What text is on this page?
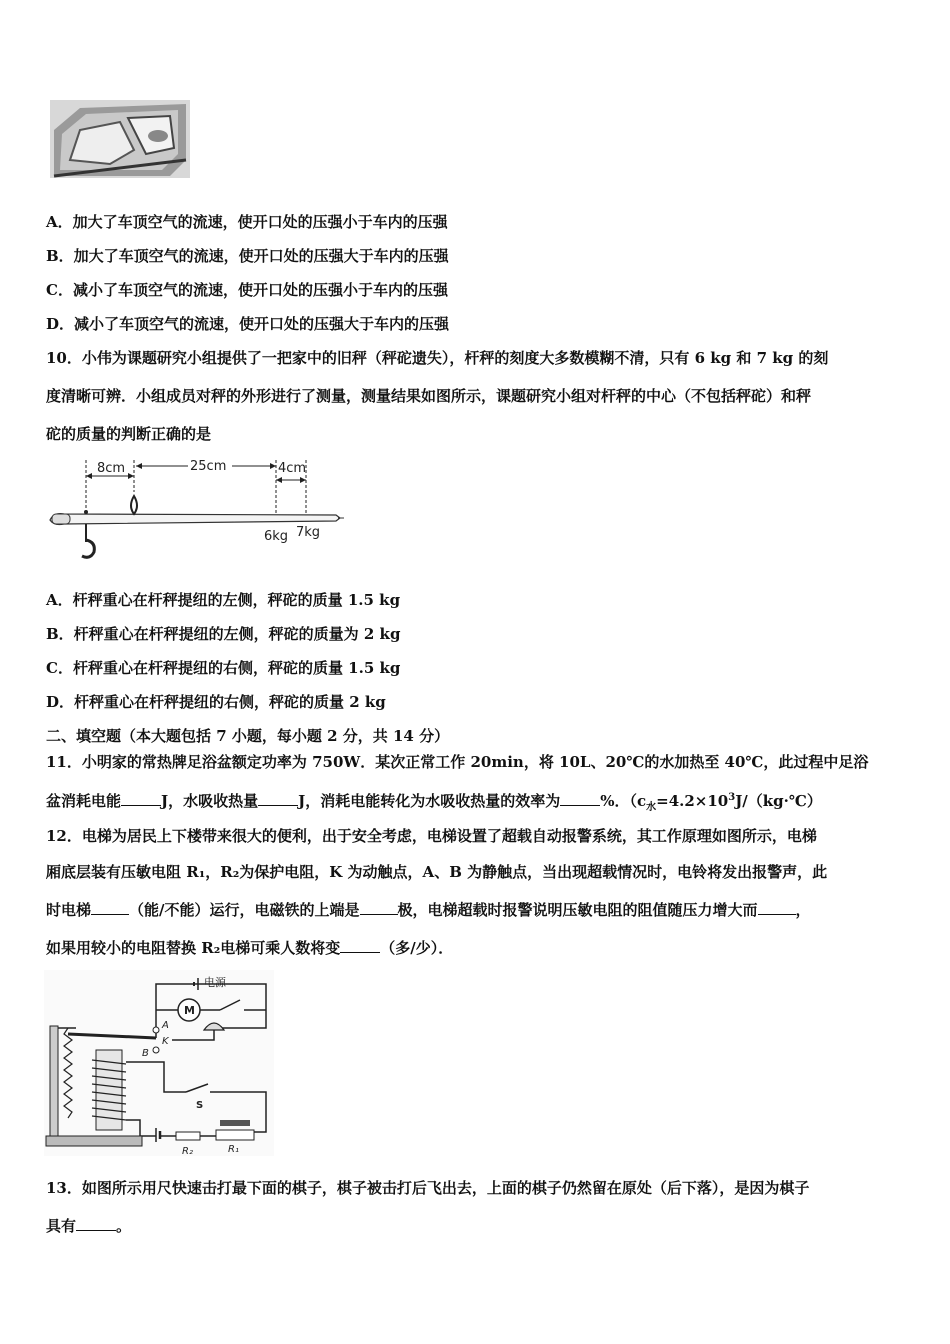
A．加大了车顶空气的流速，使开口处的压强小于车内的压强
B．加大了车顶空气的流速，使开口处的压强大于车内的压强
C．减小了车顶空气的流速，使开口处的压强小于车内的压强
D．减小了车顶空气的流速，使开口处的压强大于车内的压强
10．小伟为课题研究小组提供了一把家中的旧秤（秤砣遗失），杆秤的刻度大多数模糊不清，只有 6 kg 和 7 kg 的刻
度清晰可辨．小组成员对秤的外形进行了测量，测量结果如图所示，课题研究小组对杆秤的中心（不包括秤砣）和秤
砣的质量的判断正确的是
8cm	25cm	4cm
6kg 7kg
A．杆秤重心在杆秤提纽的左侧，秤砣的质量 1.5 kg
B．杆秤重心在杆秤提纽的左侧，秤砣的质量为 2 kg
C．杆秤重心在杆秤提纽的右侧，秤砣的质量 1.5 kg
D．杆秤重心在杆秤提纽的右侧，秤砣的质量 2 kg
二、填空题（本大题包括 7 小题，每小题 2 分，共 14 分）
11．小明家的常热牌足浴盆额定功率为 750W．某次正常工作 20min，将 10L、20℃的水加热至 40℃，此过程中足浴
盆消耗电能	J，水吸收热量	J，消耗电能转化为水吸收热量的效率为	%．（$c_水=4.2\times 10^3J/(kg\cdot℃)$
12．电梯为居民上下楼带来很大的便利，出于安全考虑，电梯设置了超载自动报警系统，其工作原理如图所示，电梯
厢底层装有压敏电阻 R₁，R₂为保护电阻，K 为动触点，A、B 为静触点，当出现超载情况时，电铃将发出报警声，此
时电梯	（能/不能）运行，电磁铁的上端是	极，电梯超载时报警说明压敏电阻的阻值随压力增大而	，
如果用较小的电阻替换 R₂电梯可乘人数将变	（多/少）．
电源
M
A
K
B
S
R₂	R₁
13．如图所示用尺快速击打最下面的棋子，棋子被击打后飞出去，上面的棋子仍然留在原处（后下落），是因为棋子
具有	。
